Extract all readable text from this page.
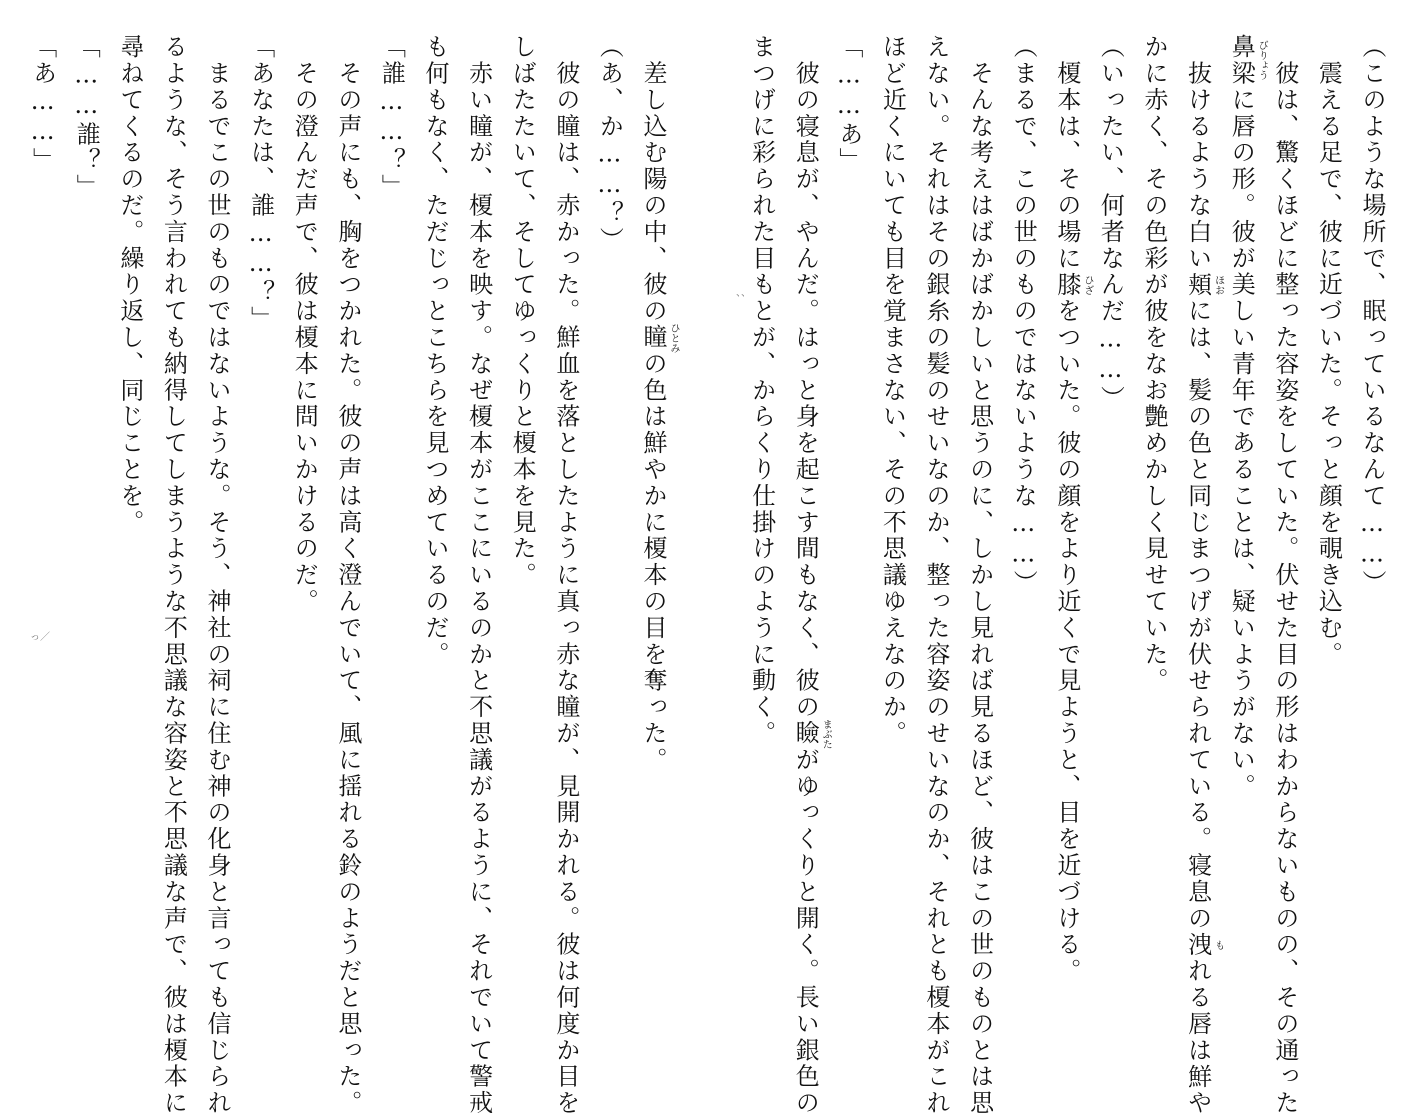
（このような場所で、眠っているなんて……）
　震える足で、彼に近づいた。そっと顔を覗き込む。
　彼は、驚くほどに整った容姿をしていた。伏せた目の形はわからないものの、その通った
鼻梁 びりょう
に唇の形。彼が美しい青年であることは、疑いようがない。
　抜けるような白い頬 ほお
には、髪の色と同じまつげが伏せられている。寝息の洩 も
れる唇は鮮や
かに赤く、その色彩が彼をなお艶めかしく見せていた。
（いったい、何者なんだ……）
　榎本は、その場に膝 ひざ
をついた。彼の顔をより近くで見ようと、目を近づける。
（まるで、この世のものではないような……）
　そんな考えはばかばかしいと思うのに、しかし見れば見るほど、彼はこの世のものとは思
えない。それはその銀糸の髪のせいなのか、整った容姿のせいなのか、それとも榎本がこれ
ほど近くにいても目を覚まさない、その不思議ゆえなのか。
「……あ」
　彼の寝息が、やんだ。はっと身を起こす間もなく、彼の瞼 まぶた
がゆっくりと開く。長い銀色の
まつげに彩られた目もとが、からくり仕掛けのように動く。
　差し込む陽の中、彼の瞳 ひとみ
の色は鮮やかに榎本の目を奪った。
（あ、か……？）
　彼の瞳は、赤かった。鮮血を落としたように真っ赤な瞳が、見開かれる。彼は何度か目を
しばたたいて、そしてゆっくりと榎本を見た。
　赤い瞳が、榎本を映す。なぜ榎本がここにいるのかと不思議がるように、それでいて警戒
も何もなく、ただじっとこちらを見つめているのだ。
「誰……？」
　その声にも、胸をつかれた。彼の声は高く澄んでいて、風に揺れる鈴のようだと思った。
　その澄んだ声で、彼は榎本に問いかけるのだ。
「あなたは、誰……？」
　まるでこの世のものではないような。そう、神社の祠に住む神の化身と言っても信じられ
るような、そう言われても納得してしまうような不思議な容姿と不思議な声で、彼は榎本に
尋ねてくるのだ。繰り返し、同じことを。
「……誰？」
「あ……」
、、
っ／
